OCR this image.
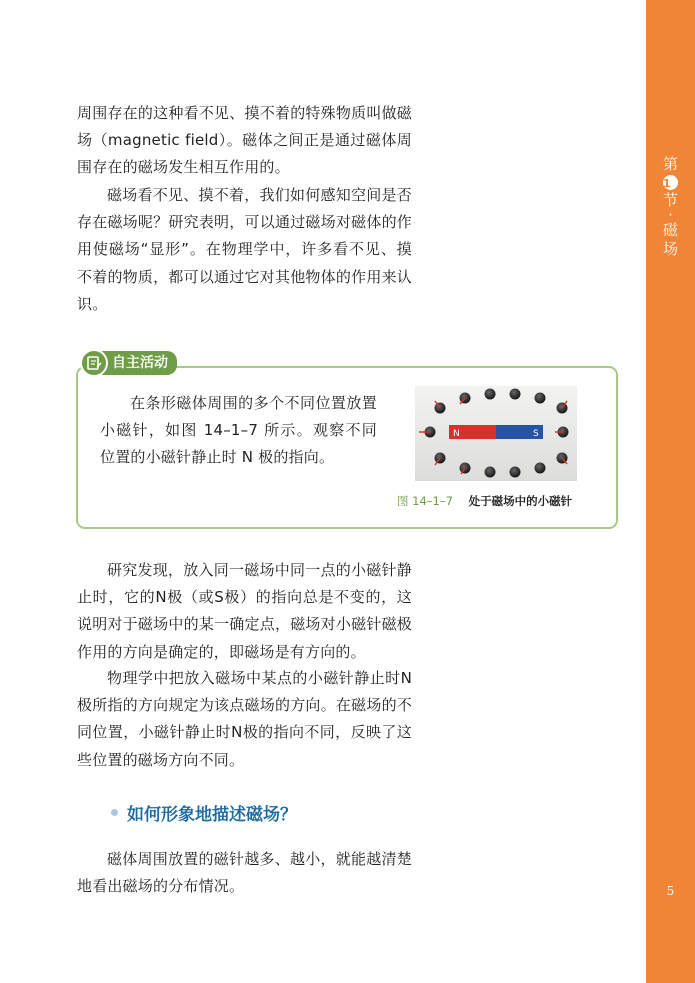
第
1
节
·
磁
场
5

周围存在的这种看不见、摸不着的特殊物质叫做磁场（magnetic field）。磁体之间正是通过磁体周围存在的磁场发生相互作用的。

磁场看不见、摸不着，我们如何感知空间是否存在磁场呢？研究表明，可以通过磁场对磁体的作用使磁场“显形”。在物理学中，许多看不见、摸不着的物质，都可以通过它对其他物体的作用来认识。

自主活动

在条形磁体周围的多个不同位置放置小磁针，如图 14–1–7 所示。观察不同位置的小磁针静止时 N 极的指向。

N	S
图 14–1–7 处于磁场中的小磁针

研究发现，放入同一磁场中同一点的小磁针静止时，它的N极（或S极）的指向总是不变的，这说明对于磁场中的某一确定点，磁场对小磁针磁极作用的方向是确定的，即磁场是有方向的。

物理学中把放入磁场中某点的小磁针静止时N极所指的方向规定为该点磁场的方向。在磁场的不同位置，小磁针静止时N极的指向不同，反映了这些位置的磁场方向不同。

如何形象地描述磁场？

磁体周围放置的磁针越多、越小，就能越清楚地看出磁场的分布情况。
